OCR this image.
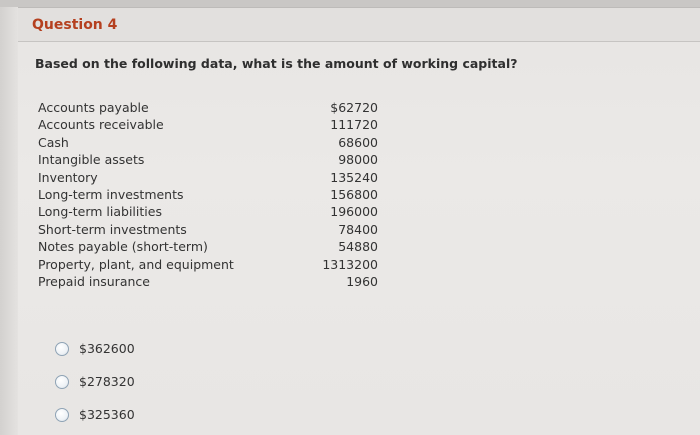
Question 4
Based on the following data, what is the amount of working capital?
Accounts payable	$62720
Accounts receivable	111720
Cash	68600
Intangible assets	98000
Inventory	135240
Long-term investments	156800
Long-term liabilities	196000
Short-term investments	78400
Notes payable (short-term)	54880
Property, plant, and equipment	1313200
Prepaid insurance	1960
$362600
$278320
$325360
